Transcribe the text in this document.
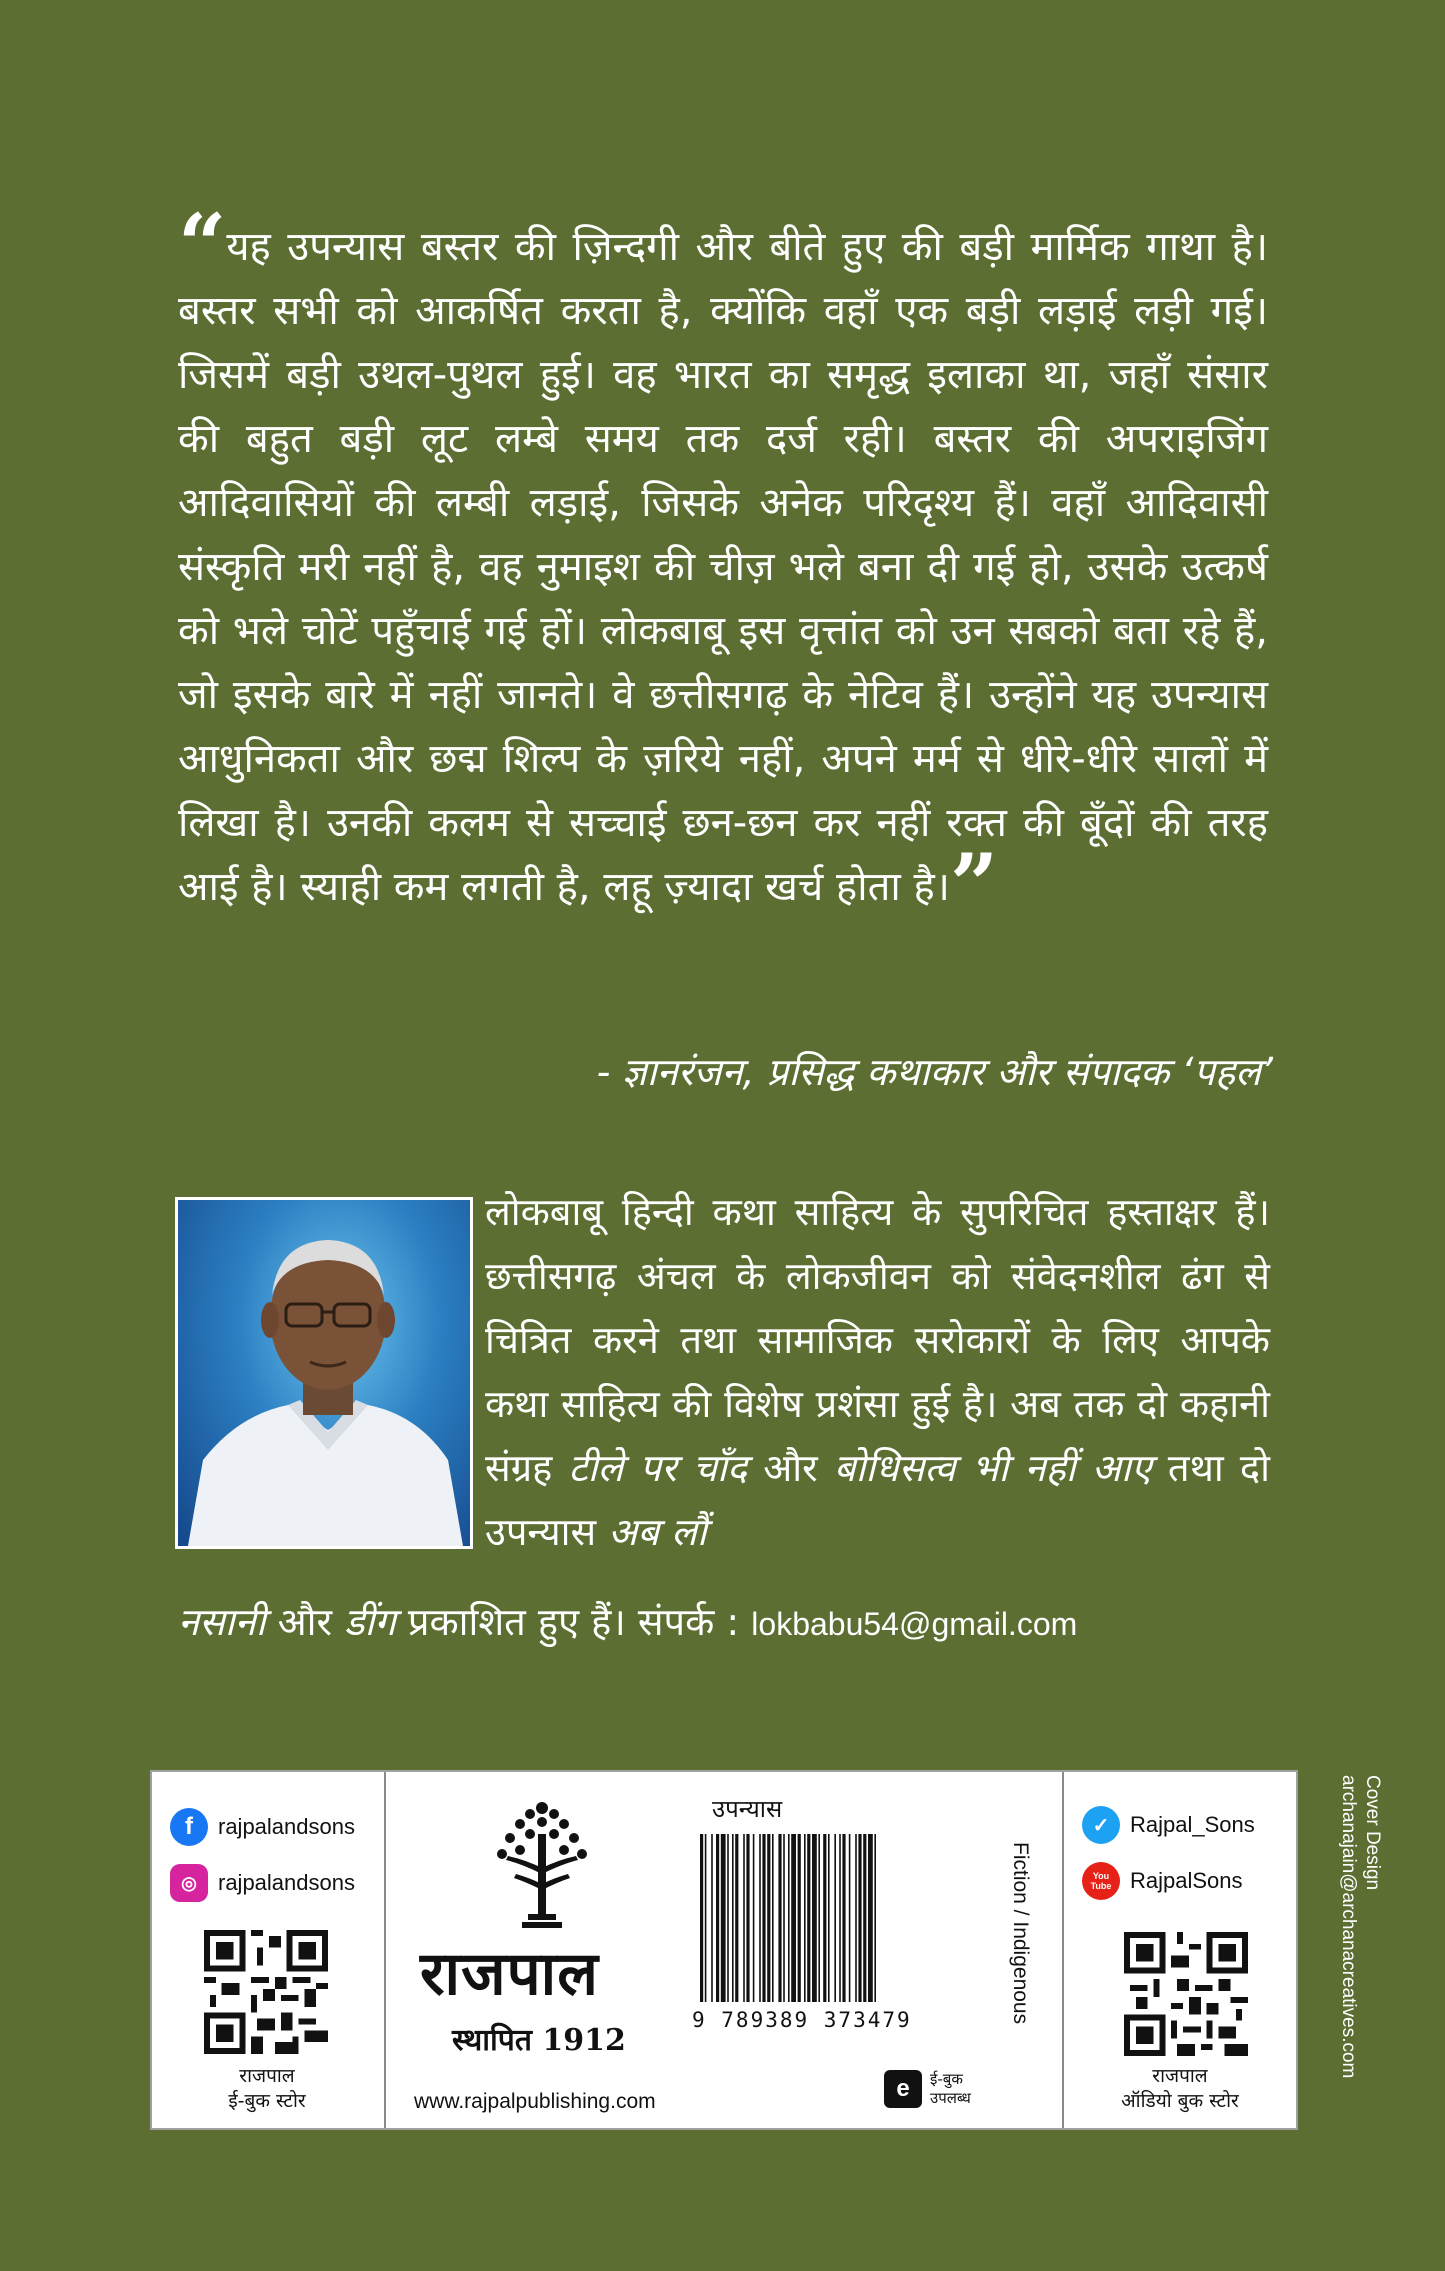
“यह उपन्यास बस्तर की ज़िन्दगी और बीते हुए की बड़ी मार्मिक गाथा है। बस्तर सभी को आकर्षित करता है, क्योंकि वहाँ एक बड़ी लड़ाई लड़ी गई। जिसमें बड़ी उथल-पुथल हुई। वह भारत का समृद्ध इलाका था, जहाँ संसार की बहुत बड़ी लूट लम्बे समय तक दर्ज रही। बस्तर की अपराइजिंग आदिवासियों की लम्बी लड़ाई, जिसके अनेक परिदृश्य हैं। वहाँ आदिवासी संस्कृति मरी नहीं है, वह नुमाइश की चीज़ भले बना दी गई हो, उसके उत्कर्ष को भले चोटें पहुँचाई गई हों। लोकबाबू इस वृत्तांत को उन सबको बता रहे हैं, जो इसके बारे में नहीं जानते। वे छत्तीसगढ़ के नेटिव हैं। उन्होंने यह उपन्यास आधुनिकता और छद्म शिल्प के ज़रिये नहीं, अपने मर्म से धीरे-धीरे सालों में लिखा है। उनकी कलम से सच्चाई छन-छन कर नहीं रक्त की बूँदों की तरह आई है। स्याही कम लगती है, लहू ज़्यादा खर्च होता है।”

- ज्ञानरंजन, प्रसिद्ध कथाकार और संपादक ‘पहल’

लोकबाबू हिन्दी कथा साहित्य के सुपरिचित हस्ताक्षर हैं। छत्तीसगढ़ अंचल के लोकजीवन को संवेदनशील ढंग से चित्रित करने तथा सामाजिक सरोकारों के लिए आपके कथा साहित्य की विशेष प्रशंसा हुई है। अब तक दो कहानी संग्रह टीले पर चाँद और बोधिसत्व भी नहीं आए तथा दो उपन्यास अब लौं

नसानी और डींग प्रकाशित हुए हैं। संपर्क : lokbabu54@gmail.com

f	rajpalandsons
◎ rajpalandsons
राजपाल
ई-बुक स्टोर
राजपाल
स्थापित 1912
www.rajpalpublishing.com
उपन्यास
9 789389 373479
e	ई-बुक
उपलब्ध
Fiction / Indigenous
✓ Rajpal_Sons
You Tube RajpalSons
राजपाल
ऑडियो बुक स्टोर
Cover Design
archanajain@archanacreatives.com
